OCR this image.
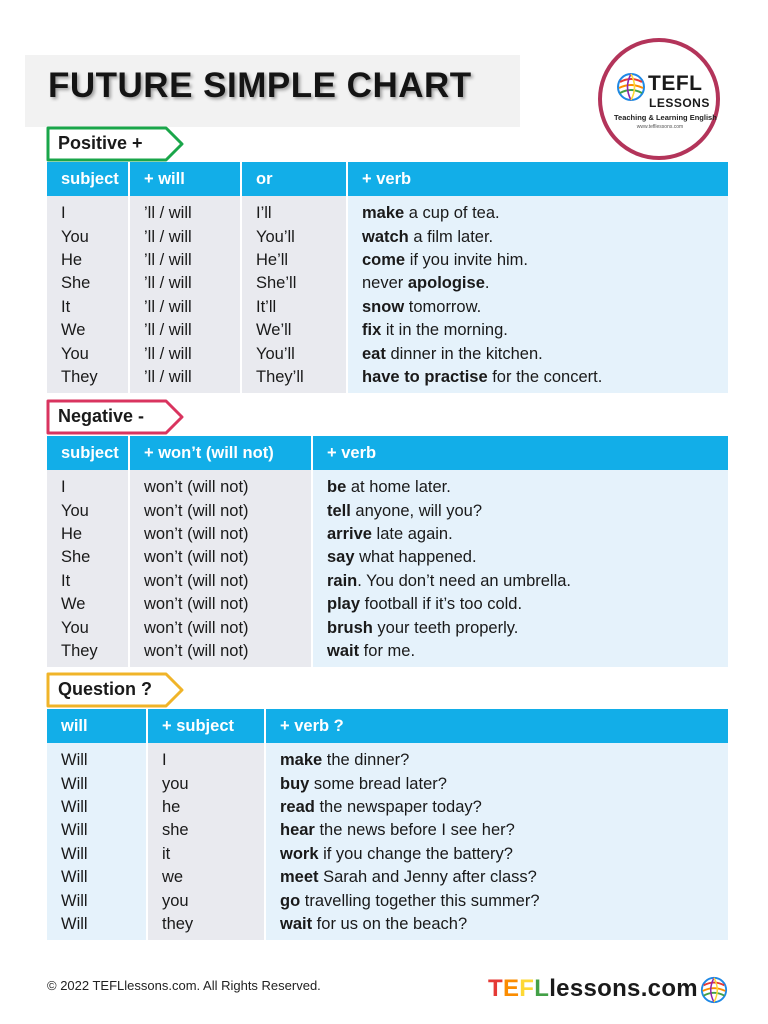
FUTURE SIMPLE CHART	TEFL
LESSONS
Teaching & Learning English
www.tefllessons.com
Positive +
subject	+ will	or	+ verb
I	’ll / will	I’ll	make a cup of tea.
You	’ll / will	You’ll	watch a film later.
He	’ll / will	He’ll	come if you invite him.
She	’ll / will	She’ll	never apologise.
It	’ll / will	It’ll	snow tomorrow.
We	’ll / will	We’ll	fix it in the morning.
You	’ll / will	You’ll	eat dinner in the kitchen.
They	’ll / will	They’ll	have to practise for the concert.
Negative -
subject	+ won’t (will not)	+ verb
I	won’t (will not)	be at home later.
You	won’t (will not)	tell anyone, will you?
He	won’t (will not)	arrive late again.
She	won’t (will not)	say what happened.
It	won’t (will not)	rain. You don’t need an umbrella.
We	won’t (will not)	play football if it’s too cold.
You	won’t (will not)	brush your teeth properly.
They	won’t (will not)	wait for me.
Question ?
will	+ subject	+ verb ?
Will	I	make the dinner?
Will	you	buy some bread later?
Will	he	read the newspaper today?
Will	she	hear the news before I see her?
Will	it	work if you change the battery?
Will	we	meet Sarah and Jenny after class?
Will	you	go travelling together this summer?
Will	they	wait for us on the beach?
© 2022 TEFLlessons.com. All Rights Reserved.	TEFLlessons.com
